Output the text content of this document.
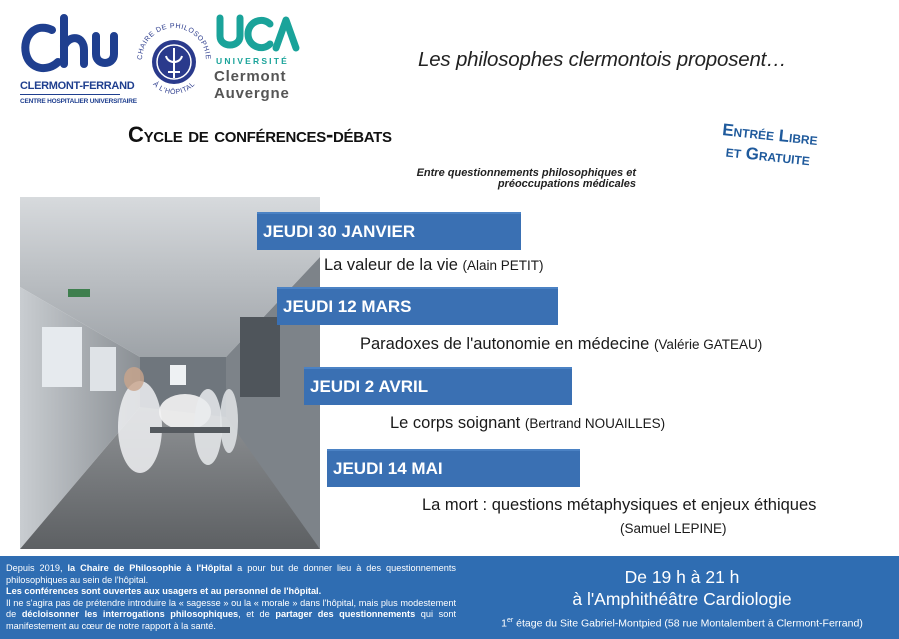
CLERMONT-FERRAND
CENTRE HOSPITALIER UNIVERSITAIRE
CHAIRE DE PHILOSOPHIE
À L'HÔPITAL
UNIVERSITÉ
Clermont
Auvergne
Les philosophes clermontois proposent…
Cycle de conférences-débats	Entrée Libre
et Gratuite
Entre questionnements philosophiques et préoccupations médicales
JEUDI 30 JANVIER
La valeur de la vie (Alain PETIT)
JEUDI 12 MARS
Paradoxes de l'autonomie en médecine (Valérie GATEAU)
JEUDI 2 AVRIL
Le corps soignant (Bertrand NOUAILLES)
JEUDI 14 MAI
La mort : questions métaphysiques et enjeux éthiques
(Samuel LEPINE)
Depuis 2019, la Chaire de Philosophie à l'Hôpital a pour but de donner lieu à des questionnements philosophiques au sein de l'hôpital.
Les conférences sont ouvertes aux usagers et au personnel de l'hôpital.
Il ne s'agira pas de prétendre introduire la « sagesse » ou la « morale » dans l'hôpital, mais plus modestement de décloisonner les interrogations philosophiques, et de partager des questionnements qui sont manifestement au cœur de notre rapport à la santé.
De 19 h à 21 h
à l'Amphithéâtre Cardiologie
1er étage du Site Gabriel-Montpied (58 rue Montalembert à Clermont-Ferrand)
